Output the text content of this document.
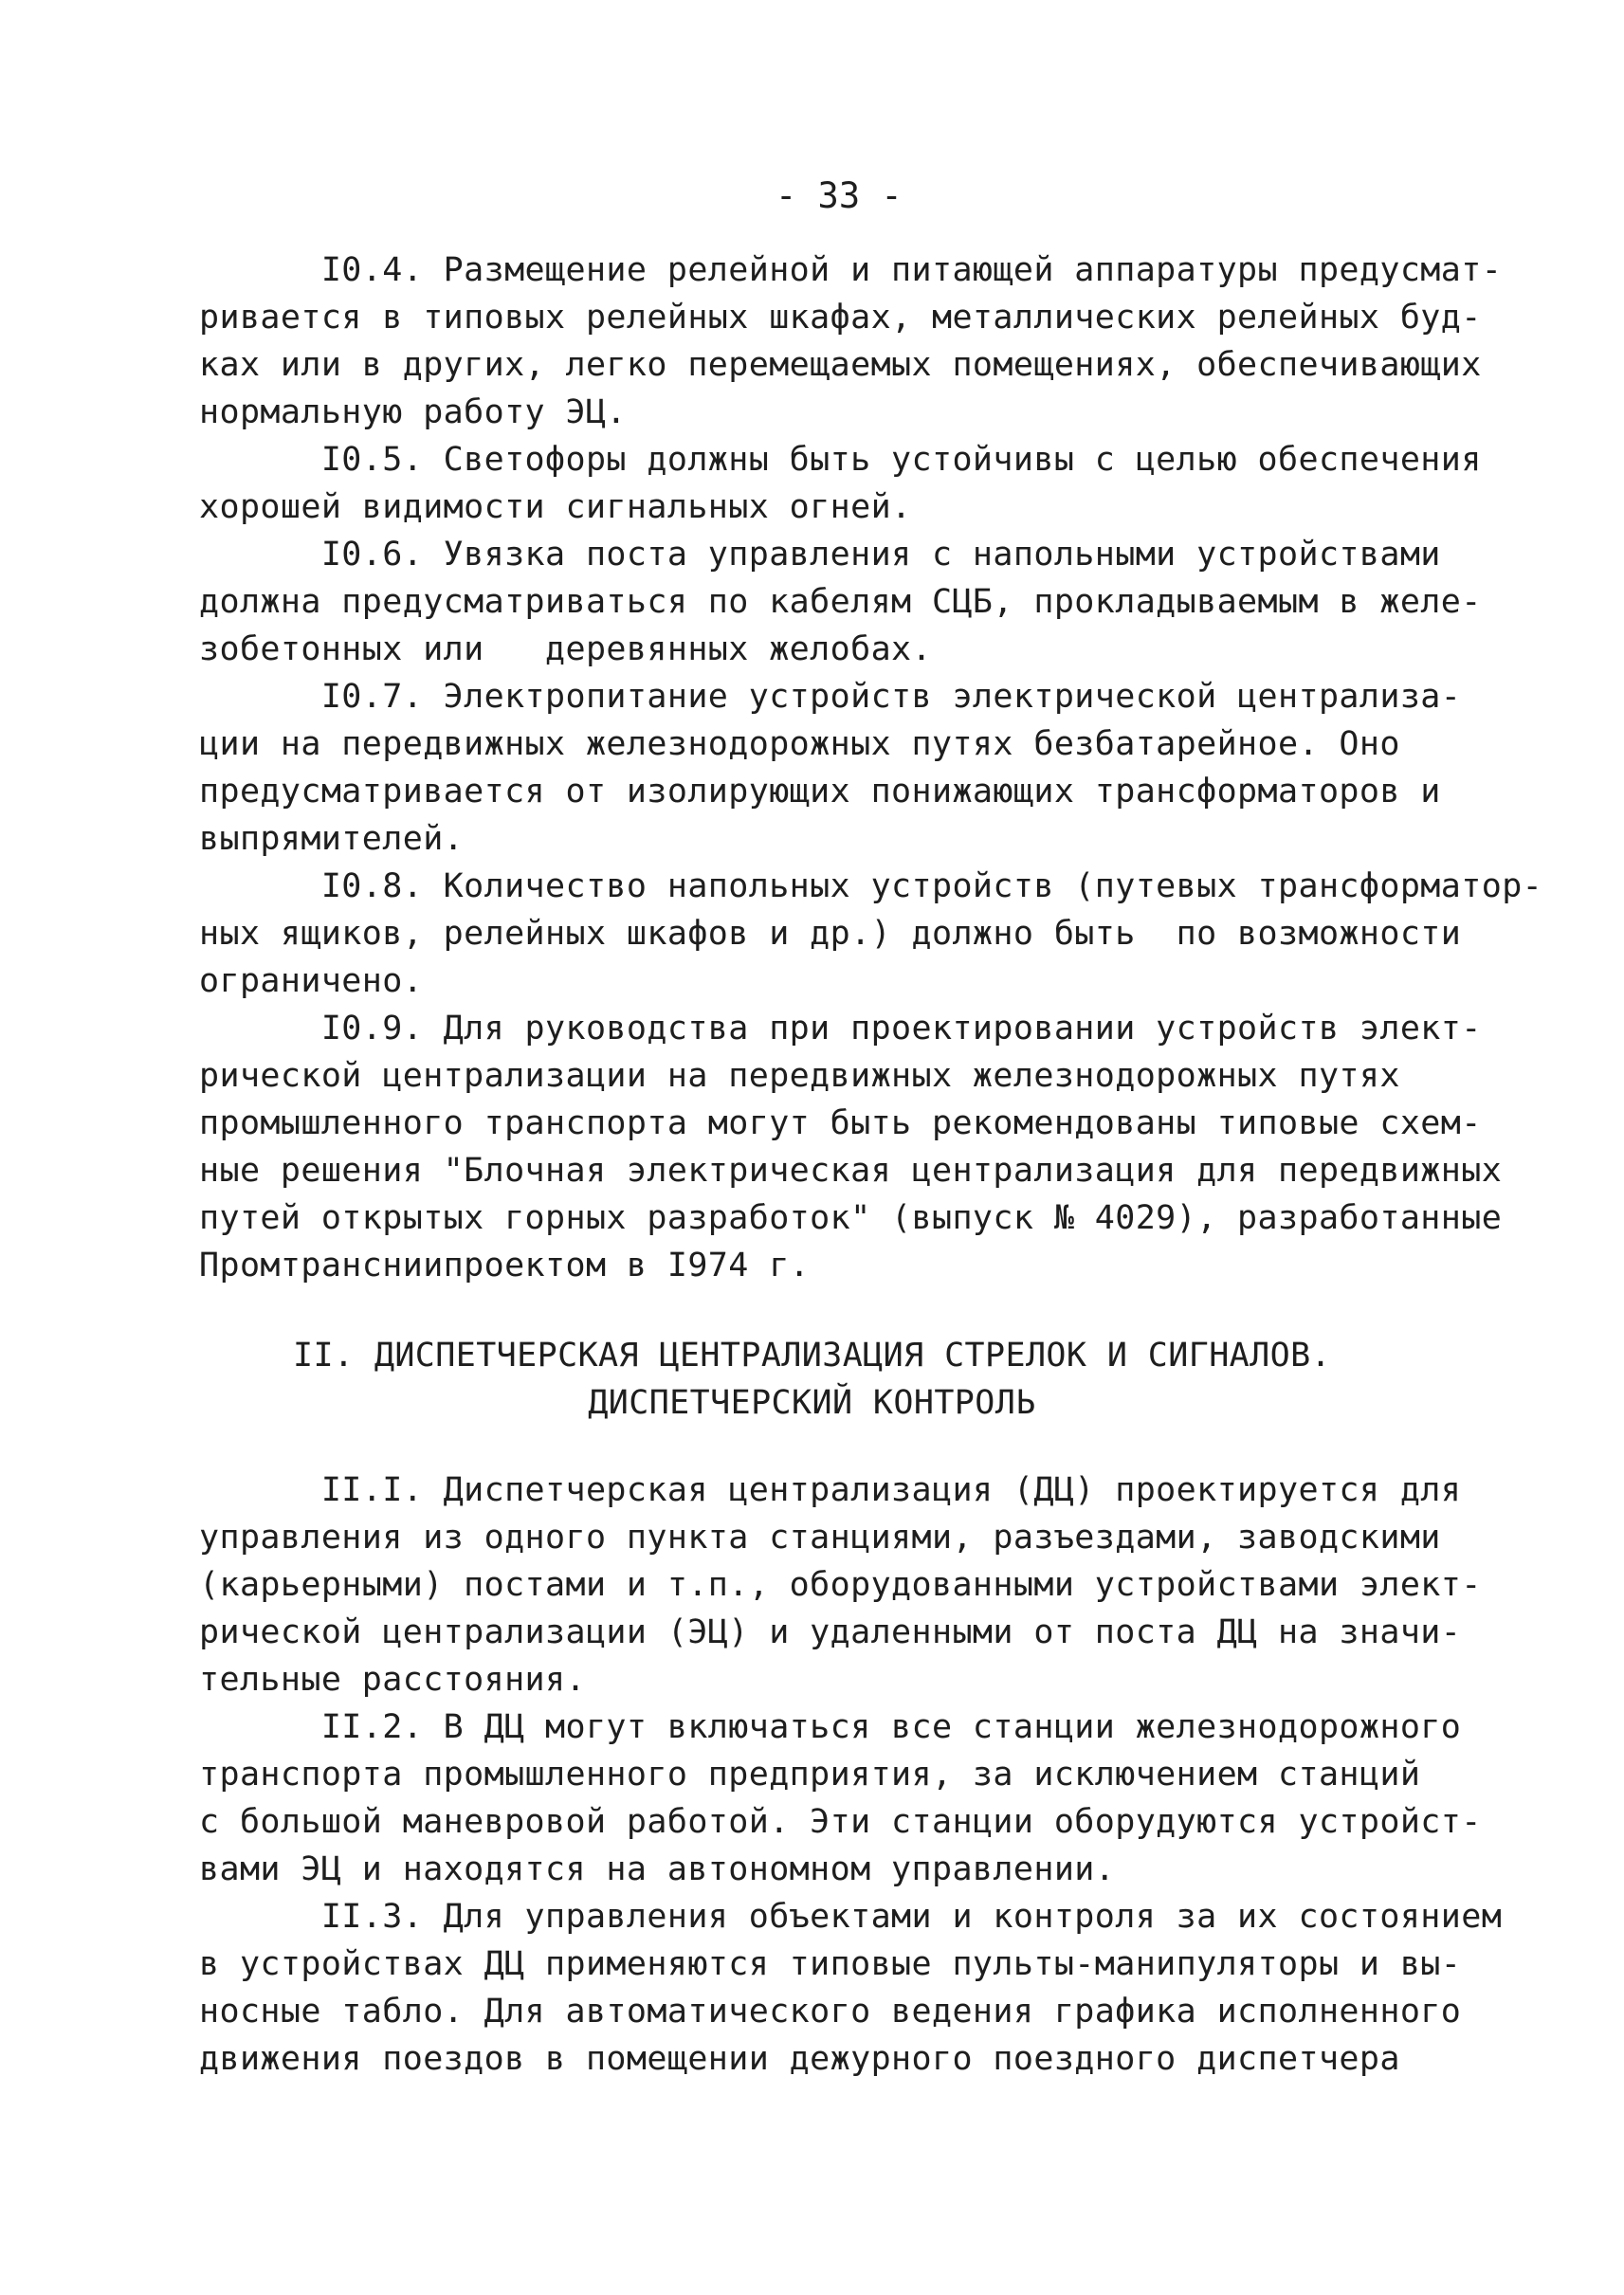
- 33 -
I0.4. Размещение релейной и питающей аппаратуры предусмат-
ривается в типовых релейных шкафах, металлических релейных буд-
ках или в других, легко перемещаемых помещениях, обеспечивающих
нормальную работу ЭЦ.
I0.5. Светофоры должны быть устойчивы с целью обеспечения
хорошей видимости сигнальных огней.
I0.6. Увязка поста управления с напольными устройствами
должна предусматриваться по кабелям СЦБ, прокладываемым в желе-
зобетонных или   деревянных желобах.
I0.7. Электропитание устройств электрической централиза-
ции на передвижных железнодорожных путях безбатарейное. Оно
предусматривается от изолирующих понижающих трансформаторов и
выпрямителей.
I0.8. Количество напольных устройств (путевых трансформатор-
ных ящиков, релейных шкафов и др.) должно быть  по возможности
ограничено.
I0.9. Для руководства при проектировании устройств элект-
рической централизации на передвижных железнодорожных путях
промышленного транспорта могут быть рекомендованы типовые схем-
ные решения "Блочная электрическая централизация для передвижных
путей открытых горных разработок" (выпуск № 4029), разработанные
Промтрансниипроектом в I974 г.
II. ДИСПЕТЧЕРСКАЯ ЦЕНТРАЛИЗАЦИЯ СТРЕЛОК И СИГНАЛОВ.
ДИСПЕТЧЕРСКИЙ КОНТРОЛЬ
II.I. Диспетчерская централизация (ДЦ) проектируется для
управления из одного пункта станциями, разъездами, заводскими
(карьерными) постами и т.п., оборудованными устройствами элект-
рической централизации (ЭЦ) и удаленными от поста ДЦ на значи-
тельные расстояния.
II.2. В ДЦ могут включаться все станции железнодорожного
транспорта промышленного предприятия, за исключением станций
с большой маневровой работой. Эти станции оборудуются устройст-
вами ЭЦ и находятся на автономном управлении.
II.3. Для управления объектами и контроля за их состоянием
в устройствах ДЦ применяются типовые пульты-манипуляторы и вы-
носные табло. Для автоматического ведения графика исполненного
движения поездов в помещении дежурного поездного диспетчера
